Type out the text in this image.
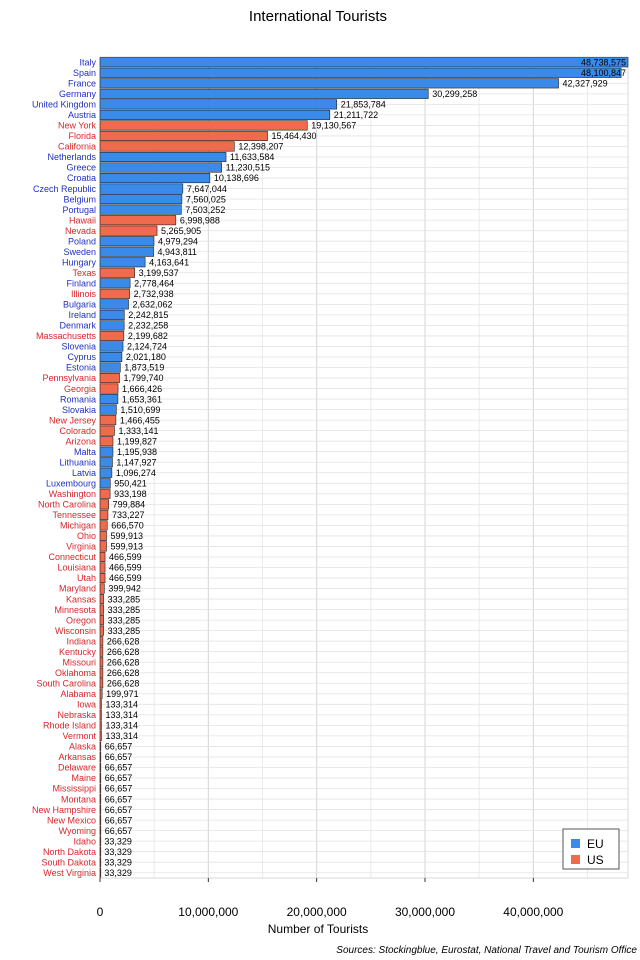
International Tourists
Italy
Spain
France
Germany
United Kingdom
Austria
New York
Florida
California
Netherlands
Greece
Croatia
Czech Republic
Belgium
Portugal
Hawaii
Nevada
Poland
Sweden
Hungary
Texas
Finland
Illinois
Bulgaria
Ireland
Denmark
Massachusetts
Slovenia
Cyprus
Estonia
Pennsylvania
Georgia
Romania
Slovakia
New Jersey
Colorado
Arizona
Malta
Lithuania
Latvia
Luxembourg
Washington
North Carolina
Tennessee
Michigan
Ohio
Virginia
Connecticut
Louisiana
Utah
Maryland
Kansas
Minnesota
Oregon
Wisconsin
Indiana
Kentucky
Missouri
Oklahoma
South Carolina
Alabama
Iowa
Nebraska
Rhode Island
Vermont
Alaska
Arkansas
Delaware
Maine
Mississippi
Montana
New Hampshire
New Mexico
Wyoming
Idaho
North Dakota
South Dakota
West Virginia
48,738,575
48,100,847
42,327,929
30,299,258
21,853,784
21,211,722
19,130,567
15,464,430
12,398,207
11,633,584
11,230,515
10,138,696
7,647,044
7,560,025
7,503,252
6,998,988
5,265,905
4,979,294
4,943,811
4,163,641
3,199,537
2,778,464
2,732,938
2,632,062
2,242,815
2,232,258
2,199,682
2,124,724
2,021,180
1,873,519
1,799,740
1,666,426
1,653,361
1,510,699
1,466,455
1,333,141
1,199,827
1,195,938
1,147,927
1,096,274
950,421
933,198
799,884
733,227
666,570
599,913
599,913
466,599
466,599
466,599
399,942
333,285
333,285
333,285
333,285
266,628
266,628
266,628
266,628
266,628
199,971
133,314
133,314
133,314
133,314
66,657
66,657
66,657
66,657
66,657
66,657
66,657
66,657
66,657
33,329
33,329
33,329
33,329
0	10,000,000	20,000,000	30,000,000	40,000,000
Number of Tourists
Sources: Stockingblue, Eurostat, National Travel and Tourism Office
EU
US
